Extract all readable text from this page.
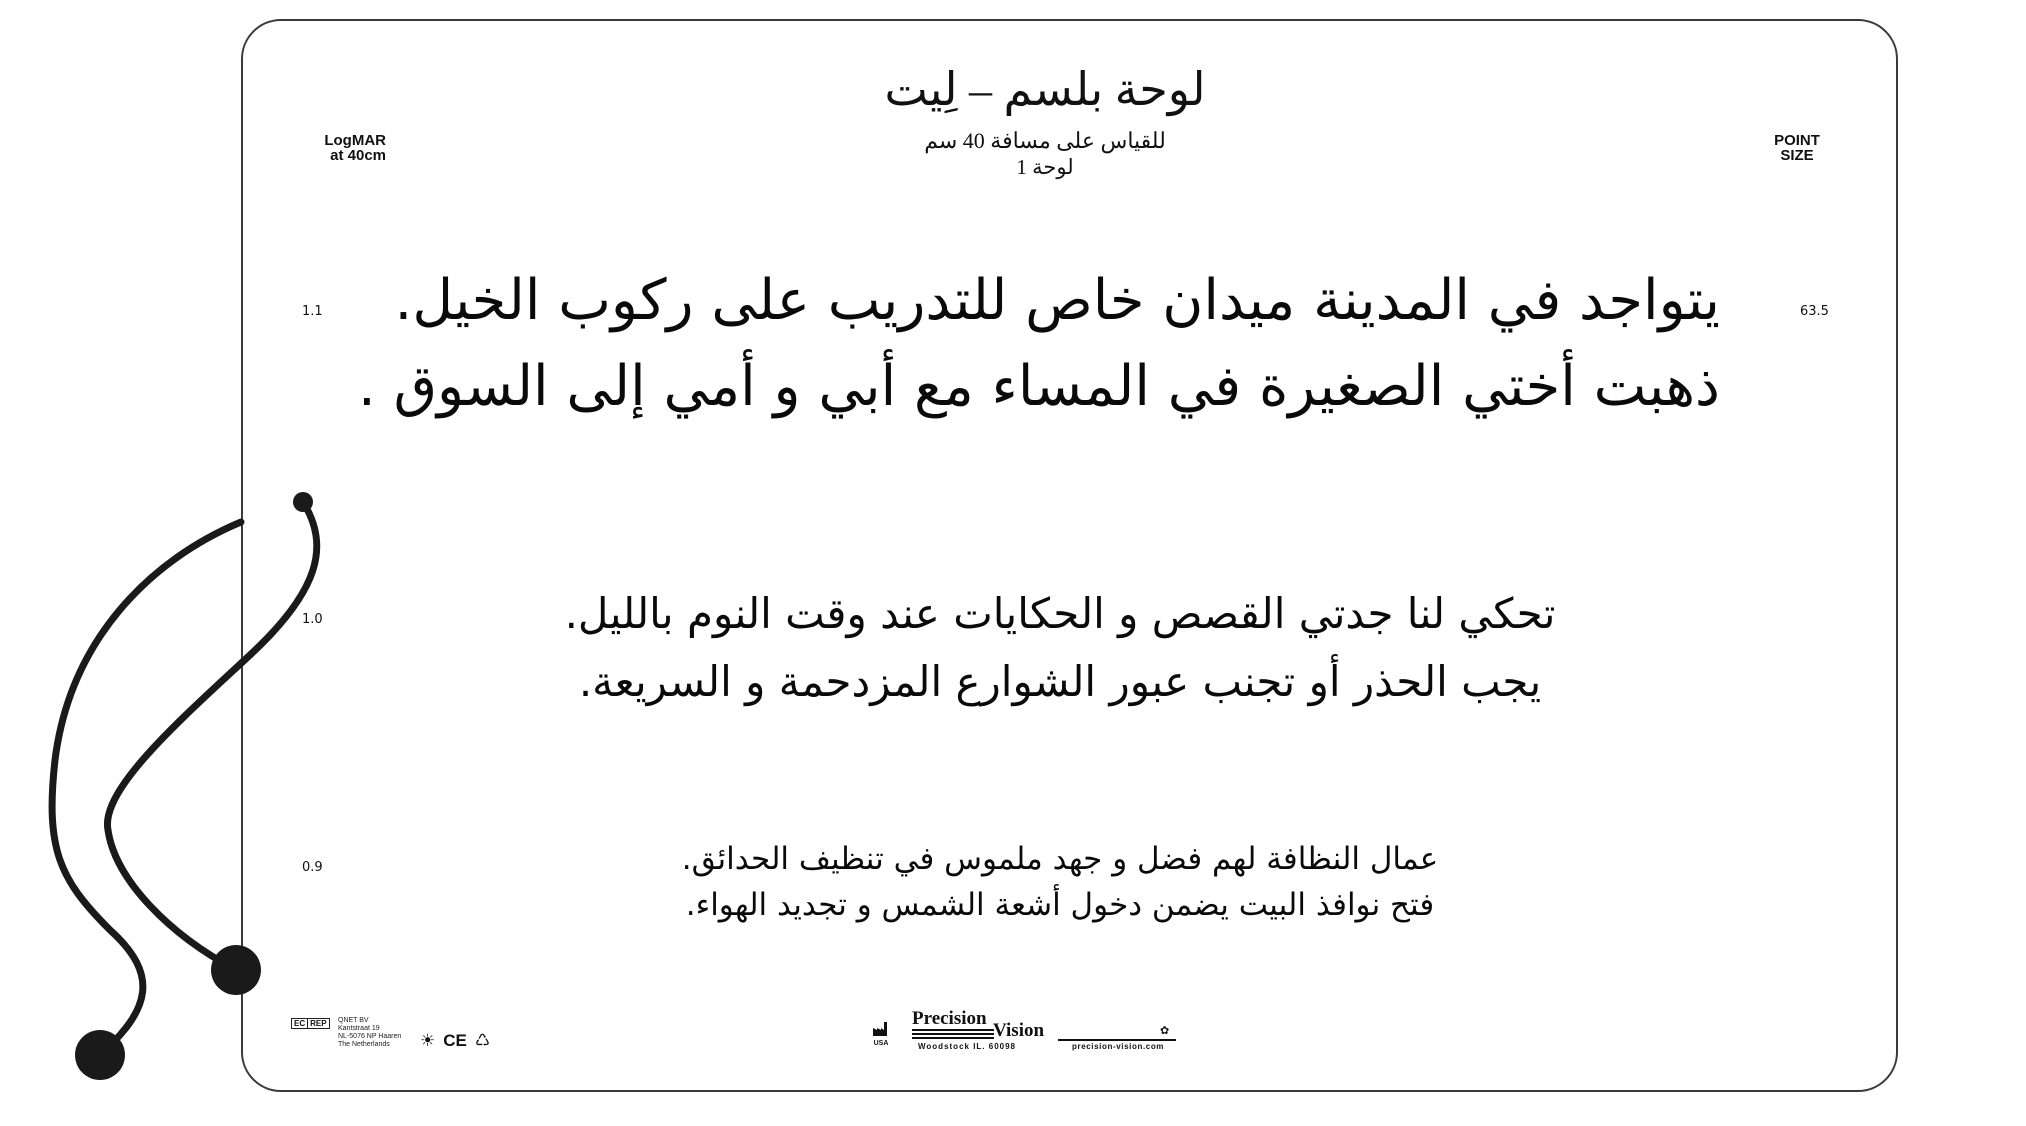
LogMAR
at 40cm
POINT
SIZE
لوحة بلسم – لِيت
للقياس على مسافة 40 سم
لوحة 1
1.1	63.5
يتواجد في المدينة ميدان خاص للتدريب على ركوب الخيل.
ذهبت أختي الصغيرة في المساء مع أبي و أمي إلى السوق .
1.0	تحكي لنا جدتي القصص و الحكايات عند وقت النوم بالليل.
يجب الحذر أو تجنب عبور الشوارع المزدحمة و السريعة.
0.9	عمال النظافة لهم فضل و جهد ملموس في تنظيف الحدائق.
فتح نوافذ البيت يضمن دخول أشعة الشمس و تجديد الهواء.
EC REP QNET BV
Kantstraat 19
NL-5076 NP Haaren
The Netherlands	☀ CE ♺	USA
Precision
Vision	✿
Woodstock IL. 60098	precision-vision.com
